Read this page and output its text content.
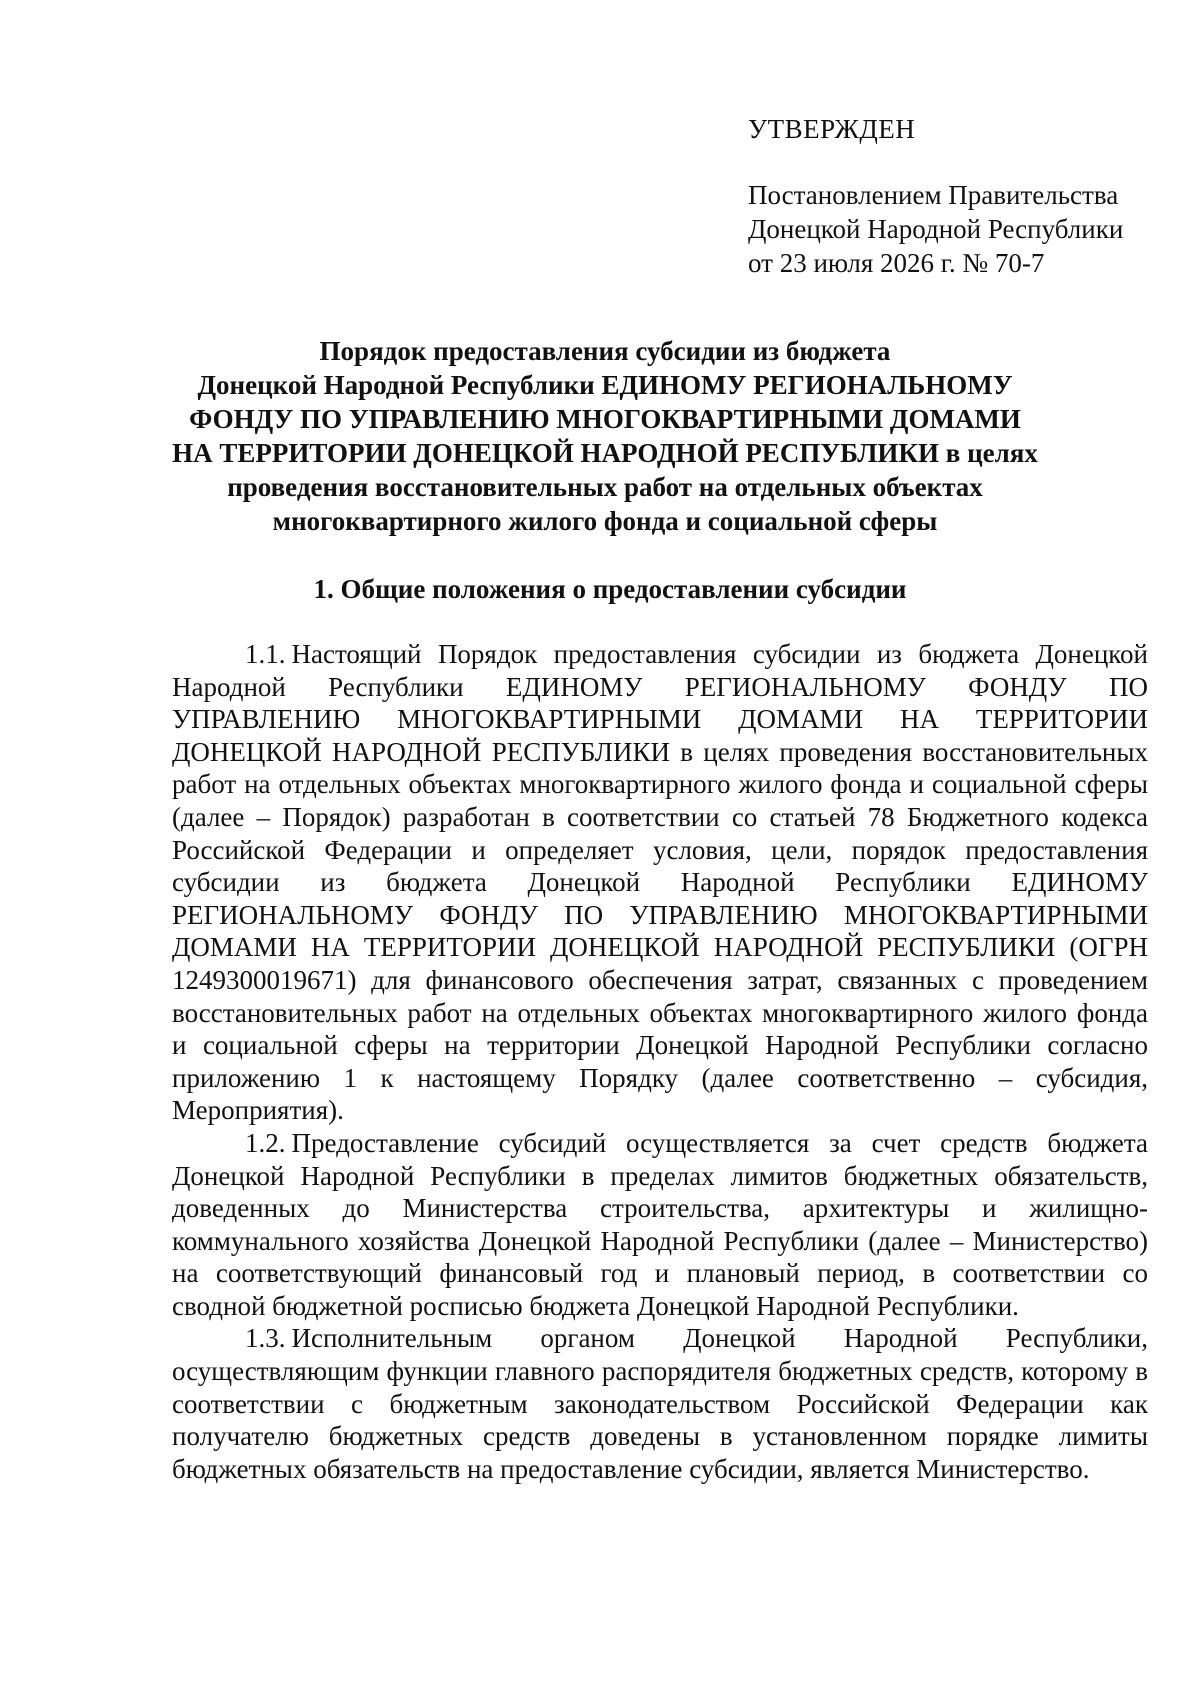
УТВЕРЖДЕН
Постановлением Правительства
Донецкой Народной Республики
от 23 июля 2026 г. № 70-7
Порядок предоставления субсидии из бюджета
Донецкой Народной Республики ЕДИНОМУ РЕГИОНАЛЬНОМУ
ФОНДУ ПО УПРАВЛЕНИЮ МНОГОКВАРТИРНЫМИ ДОМАМИ
НА ТЕРРИТОРИИ ДОНЕЦКОЙ НАРОДНОЙ РЕСПУБЛИКИ в целях
проведения восстановительных работ на отдельных объектах
многоквартирного жилого фонда и социальной сферы
1. Общие положения о предоставлении субсидии

1.1. Настоящий Порядок предоставления субсидии из бюджета Донецкой Народной Республики ЕДИНОМУ РЕГИОНАЛЬНОМУ ФОНДУ ПО УПРАВЛЕНИЮ МНОГОКВАРТИРНЫМИ ДОМАМИ НА ТЕРРИТОРИИ ДОНЕЦКОЙ НАРОДНОЙ РЕСПУБЛИКИ в целях проведения восстановительных работ на отдельных объектах многоквартирного жилого фонда и социальной сферы (далее – Порядок) разработан в соответствии со статьей 78 Бюджетного кодекса Российской Федерации и определяет условия, цели, порядок предоставления субсидии из бюджета Донецкой Народной Республики ЕДИНОМУ РЕГИОНАЛЬНОМУ ФОНДУ ПО УПРАВЛЕНИЮ МНОГОКВАРТИРНЫМИ ДОМАМИ НА ТЕРРИТОРИИ ДОНЕЦКОЙ НАРОДНОЙ РЕСПУБЛИКИ (ОГРН 1249300019671) для финансового обеспечения затрат, связанных с проведением восстановительных работ на отдельных объектах многоквартирного жилого фонда и социальной сферы на территории Донецкой Народной Республики согласно приложению 1 к настоящему Порядку (далее соответственно – субсидия, Мероприятия).

1.2. Предоставление субсидий осуществляется за счет средств бюджета Донецкой Народной Республики в пределах лимитов бюджетных обязательств, доведенных до Министерства строительства, архитектуры и жилищно-коммунального хозяйства Донецкой Народной Республики (далее – Министерство) на соответствующий финансовый год и плановый период, в соответствии со сводной бюджетной росписью бюджета Донецкой Народной Республики.

1.3. Исполнительным органом Донецкой Народной Республики, осуществляющим функции главного распорядителя бюджетных средств, которому в соответствии с бюджетным законодательством Российской Федерации как получателю бюджетных средств доведены в установленном порядке лимиты бюджетных обязательств на предоставление субсидии, является Министерство.
